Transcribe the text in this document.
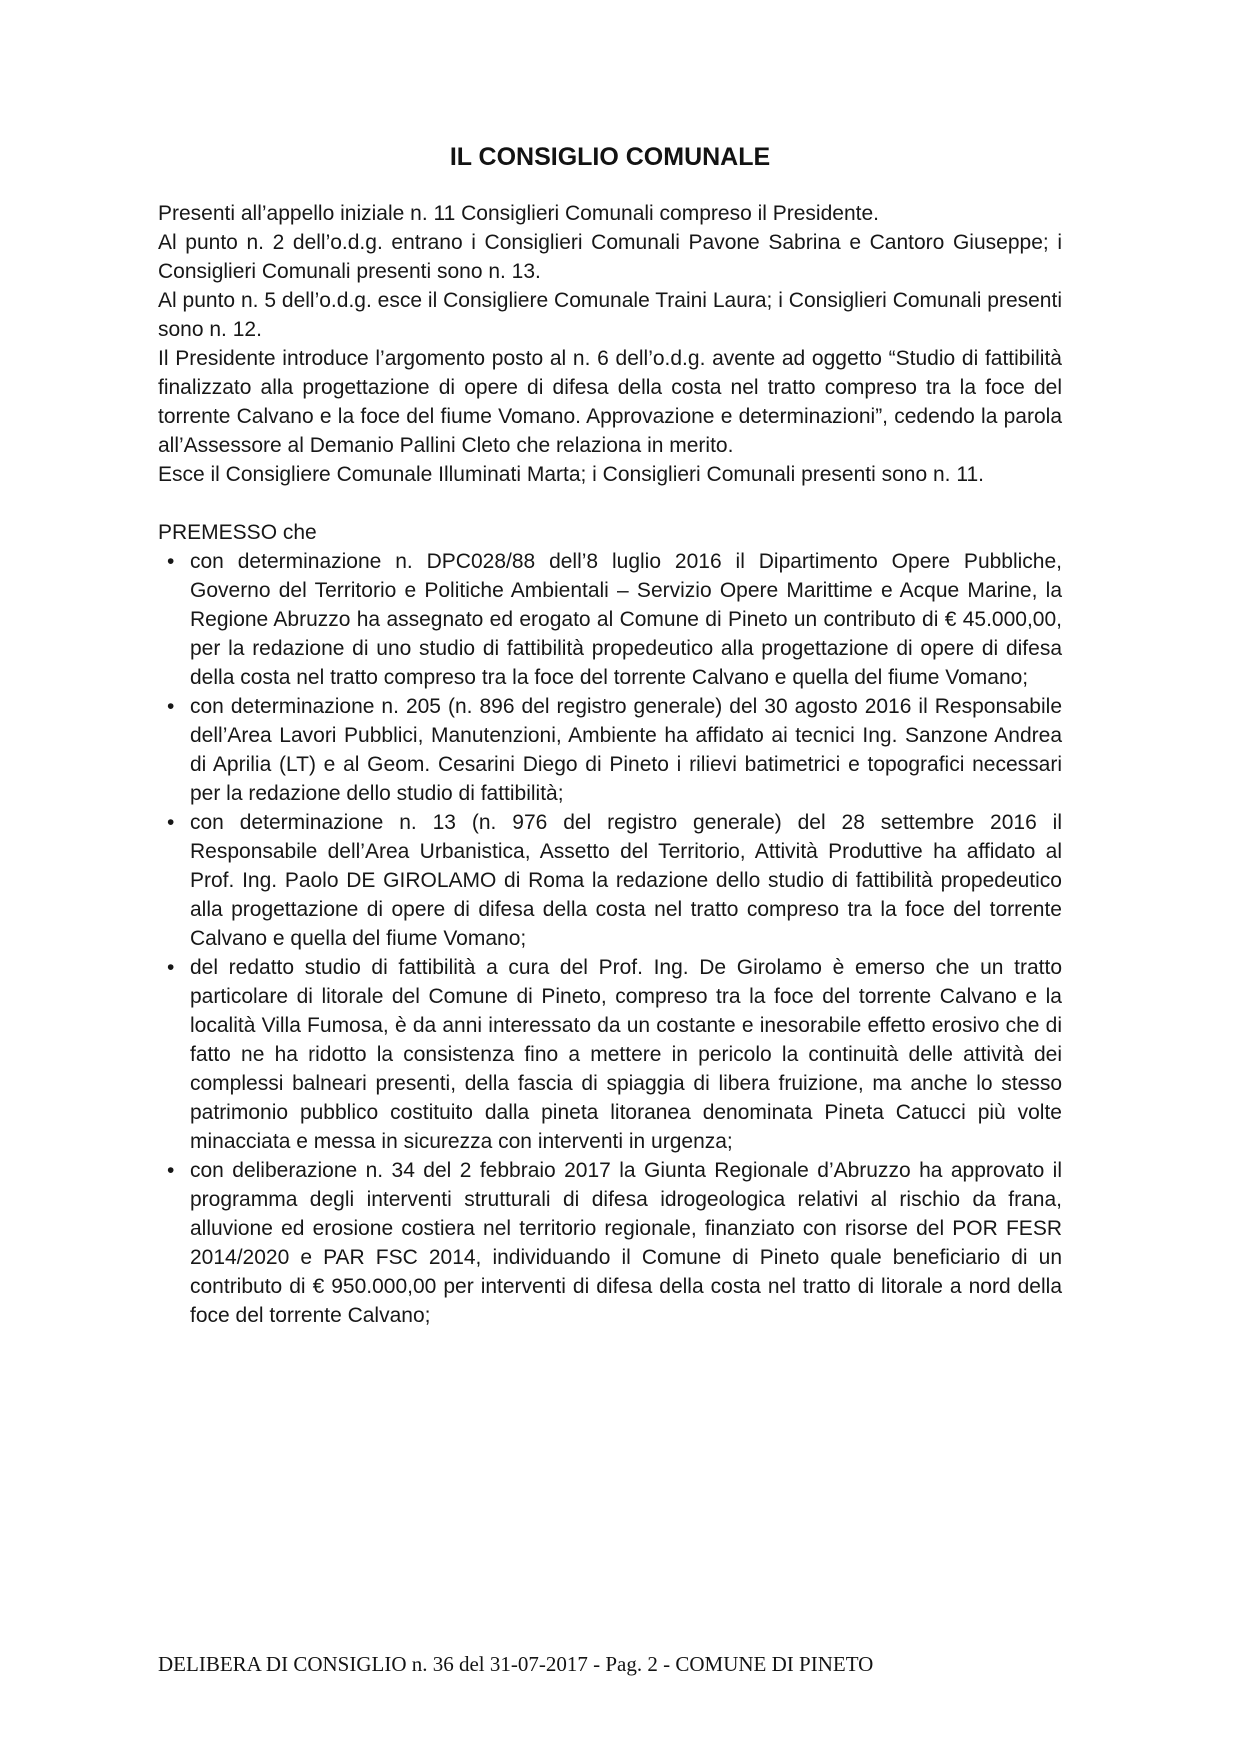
IL CONSIGLIO COMUNALE

Presenti all’appello iniziale n. 11 Consiglieri Comunali compreso il Presidente.

Al punto n. 2 dell’o.d.g. entrano i Consiglieri Comunali Pavone Sabrina e Cantoro Giuseppe; i Consiglieri Comunali presenti sono n. 13.

Al punto n. 5 dell’o.d.g. esce il Consigliere Comunale Traini Laura; i Consiglieri Comunali presenti sono n. 12.

Il Presidente introduce l’argomento posto al n. 6 dell’o.d.g. avente ad oggetto “Studio di fattibilità finalizzato alla progettazione di opere di difesa della costa nel tratto compreso tra la foce del torrente Calvano e la foce del fiume Vomano. Approvazione e determinazioni”, cedendo la parola all’Assessore al Demanio Pallini Cleto che relaziona in merito.

Esce il Consigliere Comunale Illuminati Marta; i Consiglieri Comunali presenti sono n. 11.

PREMESSO che

• con determinazione n. DPC028/88 dell’8 luglio 2016 il Dipartimento Opere Pubbliche, Governo del Territorio e Politiche Ambientali – Servizio Opere Marittime e Acque Marine, la Regione Abruzzo ha assegnato ed erogato al Comune di Pineto un contributo di € 45.000,00, per la redazione di uno studio di fattibilità propedeutico alla progettazione di opere di difesa della costa nel tratto compreso tra la foce del torrente Calvano e quella del fiume Vomano;
• con determinazione n. 205 (n. 896 del registro generale) del 30 agosto 2016 il Responsabile dell’Area Lavori Pubblici, Manutenzioni, Ambiente ha affidato ai tecnici Ing. Sanzone Andrea di Aprilia (LT) e al Geom. Cesarini Diego di Pineto i rilievi batimetrici e topografici necessari per la redazione dello studio di fattibilità;
• con determinazione n. 13 (n. 976 del registro generale) del 28 settembre 2016 il Responsabile dell’Area Urbanistica, Assetto del Territorio, Attività Produttive ha affidato al Prof. Ing. Paolo DE GIROLAMO di Roma la redazione dello studio di fattibilità propedeutico alla progettazione di opere di difesa della costa nel tratto compreso tra la foce del torrente Calvano e quella del fiume Vomano;
• del redatto studio di fattibilità a cura del Prof. Ing. De Girolamo è emerso che un tratto particolare di litorale del Comune di Pineto, compreso tra la foce del torrente Calvano e la località Villa Fumosa, è da anni interessato da un costante e inesorabile effetto erosivo che di fatto ne ha ridotto la consistenza fino a mettere in pericolo la continuità delle attività dei complessi balneari presenti, della fascia di spiaggia di libera fruizione, ma anche lo stesso patrimonio pubblico costituito dalla pineta litoranea denominata Pineta Catucci più volte minacciata e messa in sicurezza con interventi in urgenza;
• con deliberazione n. 34 del 2 febbraio 2017 la Giunta Regionale d’Abruzzo ha approvato il programma degli interventi strutturali di difesa idrogeologica relativi al rischio da frana, alluvione ed erosione costiera nel territorio regionale, finanziato con risorse del POR FESR 2014/2020 e PAR FSC 2014, individuando il Comune di Pineto quale beneficiario di un contributo di € 950.000,00 per interventi di difesa della costa nel tratto di litorale a nord della foce del torrente Calvano;
DELIBERA DI CONSIGLIO n. 36 del 31-07-2017 - Pag. 2 - COMUNE DI PINETO
